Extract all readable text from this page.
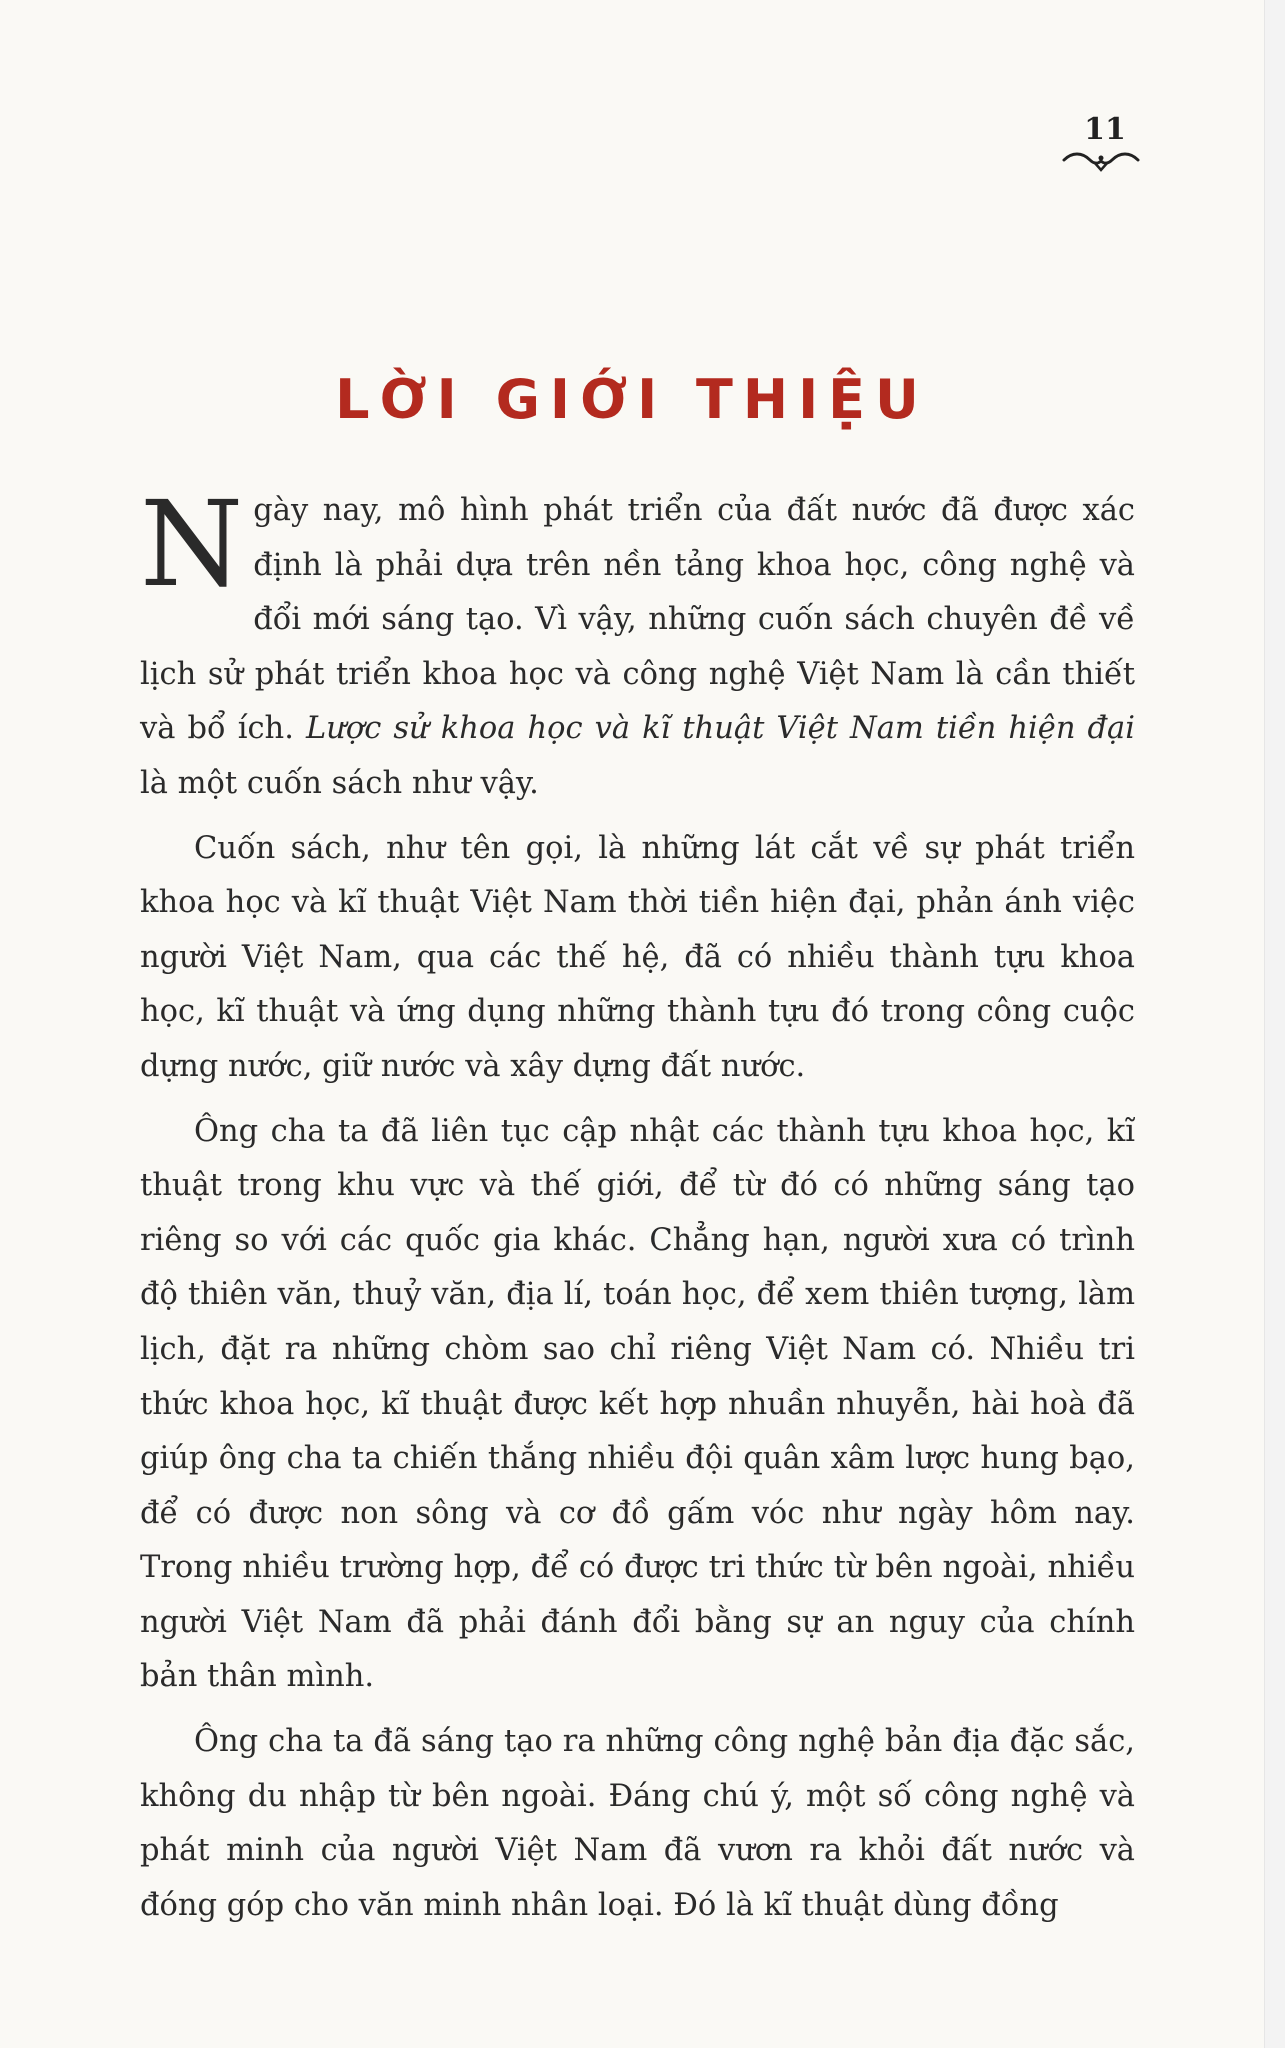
11
LỜI GIỚI THIỆU

Ngày nay, mô hình phát triển của đất nước đã được xác định là phải dựa trên nền tảng khoa học, công nghệ và đổi mới sáng tạo. Vì vậy, những cuốn sách chuyên đề về lịch sử phát triển khoa học và công nghệ Việt Nam là cần thiết và bổ ích. Lược sử khoa học và kĩ thuật Việt Nam tiền hiện đại là một cuốn sách như vậy.

Cuốn sách, như tên gọi, là những lát cắt về sự phát triển khoa học và kĩ thuật Việt Nam thời tiền hiện đại, phản ánh việc người Việt Nam, qua các thế hệ, đã có nhiều thành tựu khoa học, kĩ thuật và ứng dụng những thành tựu đó trong công cuộc dựng nước, giữ nước và xây dựng đất nước.

Ông cha ta đã liên tục cập nhật các thành tựu khoa học, kĩ thuật trong khu vực và thế giới, để từ đó có những sáng tạo riêng so với các quốc gia khác. Chẳng hạn, người xưa có trình độ thiên văn, thuỷ văn, địa lí, toán học, để xem thiên tượng, làm lịch, đặt ra những chòm sao chỉ riêng Việt Nam có. Nhiều tri thức khoa học, kĩ thuật được kết hợp nhuần nhuyễn, hài hoà đã giúp ông cha ta chiến thắng nhiều đội quân xâm lược hung bạo, để có được non sông và cơ đồ gấm vóc như ngày hôm nay. Trong nhiều trường hợp, để có được tri thức từ bên ngoài, nhiều người Việt Nam đã phải đánh đổi bằng sự an nguy của chính bản thân mình.

Ông cha ta đã sáng tạo ra những công nghệ bản địa đặc sắc, không du nhập từ bên ngoài. Đáng chú ý, một số công nghệ và phát minh của người Việt Nam đã vươn ra khỏi đất nước và đóng góp cho văn minh nhân loại. Đó là kĩ thuật dùng đồng
